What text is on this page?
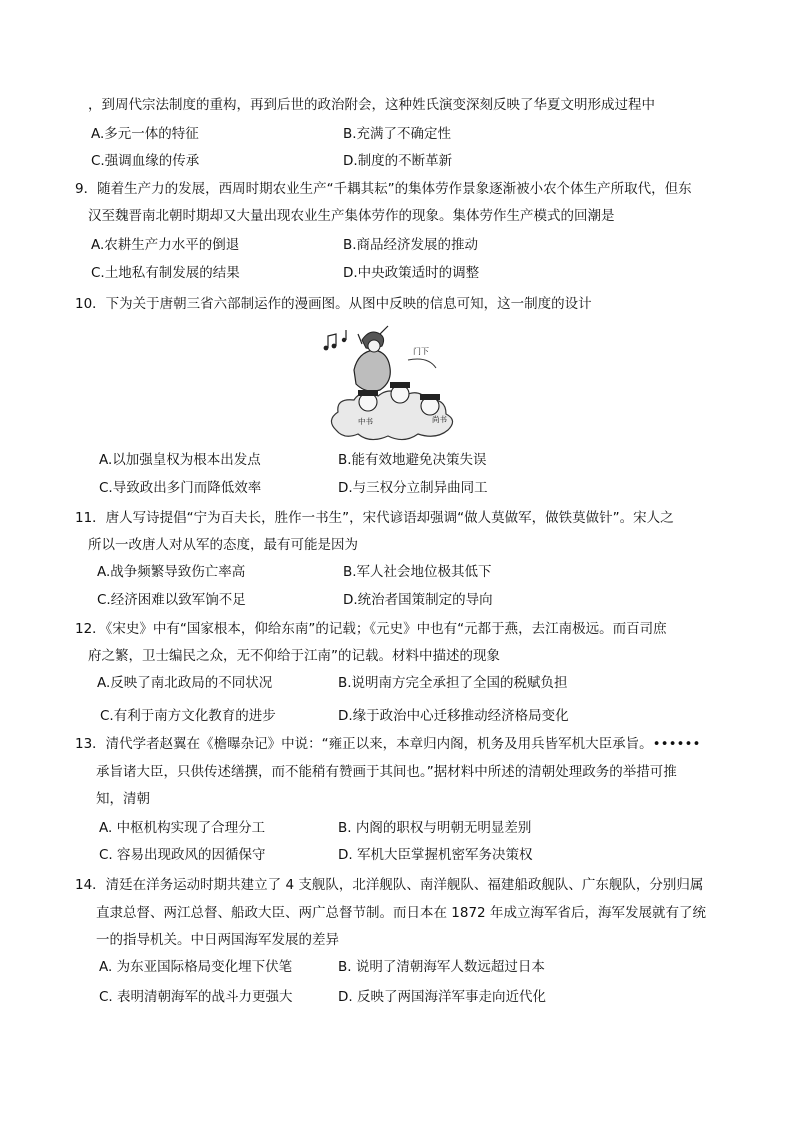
，到周代宗法制度的重构，再到后世的政治附会，这种姓氏演变深刻反映了华夏文明形成过程中
A.多元一体的特征	B.充满了不确定性
C.强调血缘的传承	D.制度的不断革新
9．随着生产力的发展，西周时期农业生产“千耦其耘”的集体劳作景象逐渐被小农个体生产所取代，但东
汉至魏晋南北朝时期却又大量出现农业生产集体劳作的现象。集体劳作生产模式的回潮是
A.农耕生产力水平的倒退	B.商品经济发展的推动
C.土地私有制发展的结果	D.中央政策适时的调整
10．下为关于唐朝三省六部制运作的漫画图。从图中反映的信息可知，这一制度的设计
门下
中书	尚书
A.以加强皇权为根本出发点	B.能有效地避免决策失误
C.导致政出多门而降低效率	D.与三权分立制异曲同工
11．唐人写诗提倡“宁为百夫长，胜作一书生”，宋代谚语却强调“做人莫做军，做铁莫做针”。宋人之
所以一改唐人对从军的态度，最有可能是因为
A.战争频繁导致伤亡率高	B.军人社会地位极其低下
C.经济困难以致军饷不足	D.统治者国策制定的导向
12．《宋史》中有“国家根本，仰给东南”的记载；《元史》中也有“元都于燕，去江南极远。而百司庶
府之繁，卫士编民之众，无不仰给于江南”的记载。材料中描述的现象
A.反映了南北政局的不同状况	B.说明南方完全承担了全国的税赋负担
C.有利于南方文化教育的进步	D.缘于政治中心迁移推动经济格局变化
13．清代学者赵翼在《檐曝杂记》中说：“雍正以来，本章归内阁，机务及用兵皆军机大臣承旨。••••••
承旨诸大臣，只供传述缮撰，而不能稍有赞画于其间也。”据材料中所述的清朝处理政务的举措可推
知，清朝
A. 中枢机构实现了合理分工	B. 内阁的职权与明朝无明显差别
C. 容易出现政风的因循保守	D. 军机大臣掌握机密军务决策权
14．清廷在洋务运动时期共建立了 4 支舰队，北洋舰队、南洋舰队、福建船政舰队、广东舰队，分别归属
直隶总督、两江总督、船政大臣、两广总督节制。而日本在 1872 年成立海军省后，海军发展就有了统
一的指导机关。中日两国海军发展的差异
A. 为东亚国际格局变化埋下伏笔	B. 说明了清朝海军人数远超过日本
C. 表明清朝海军的战斗力更强大	D. 反映了两国海洋军事走向近代化
